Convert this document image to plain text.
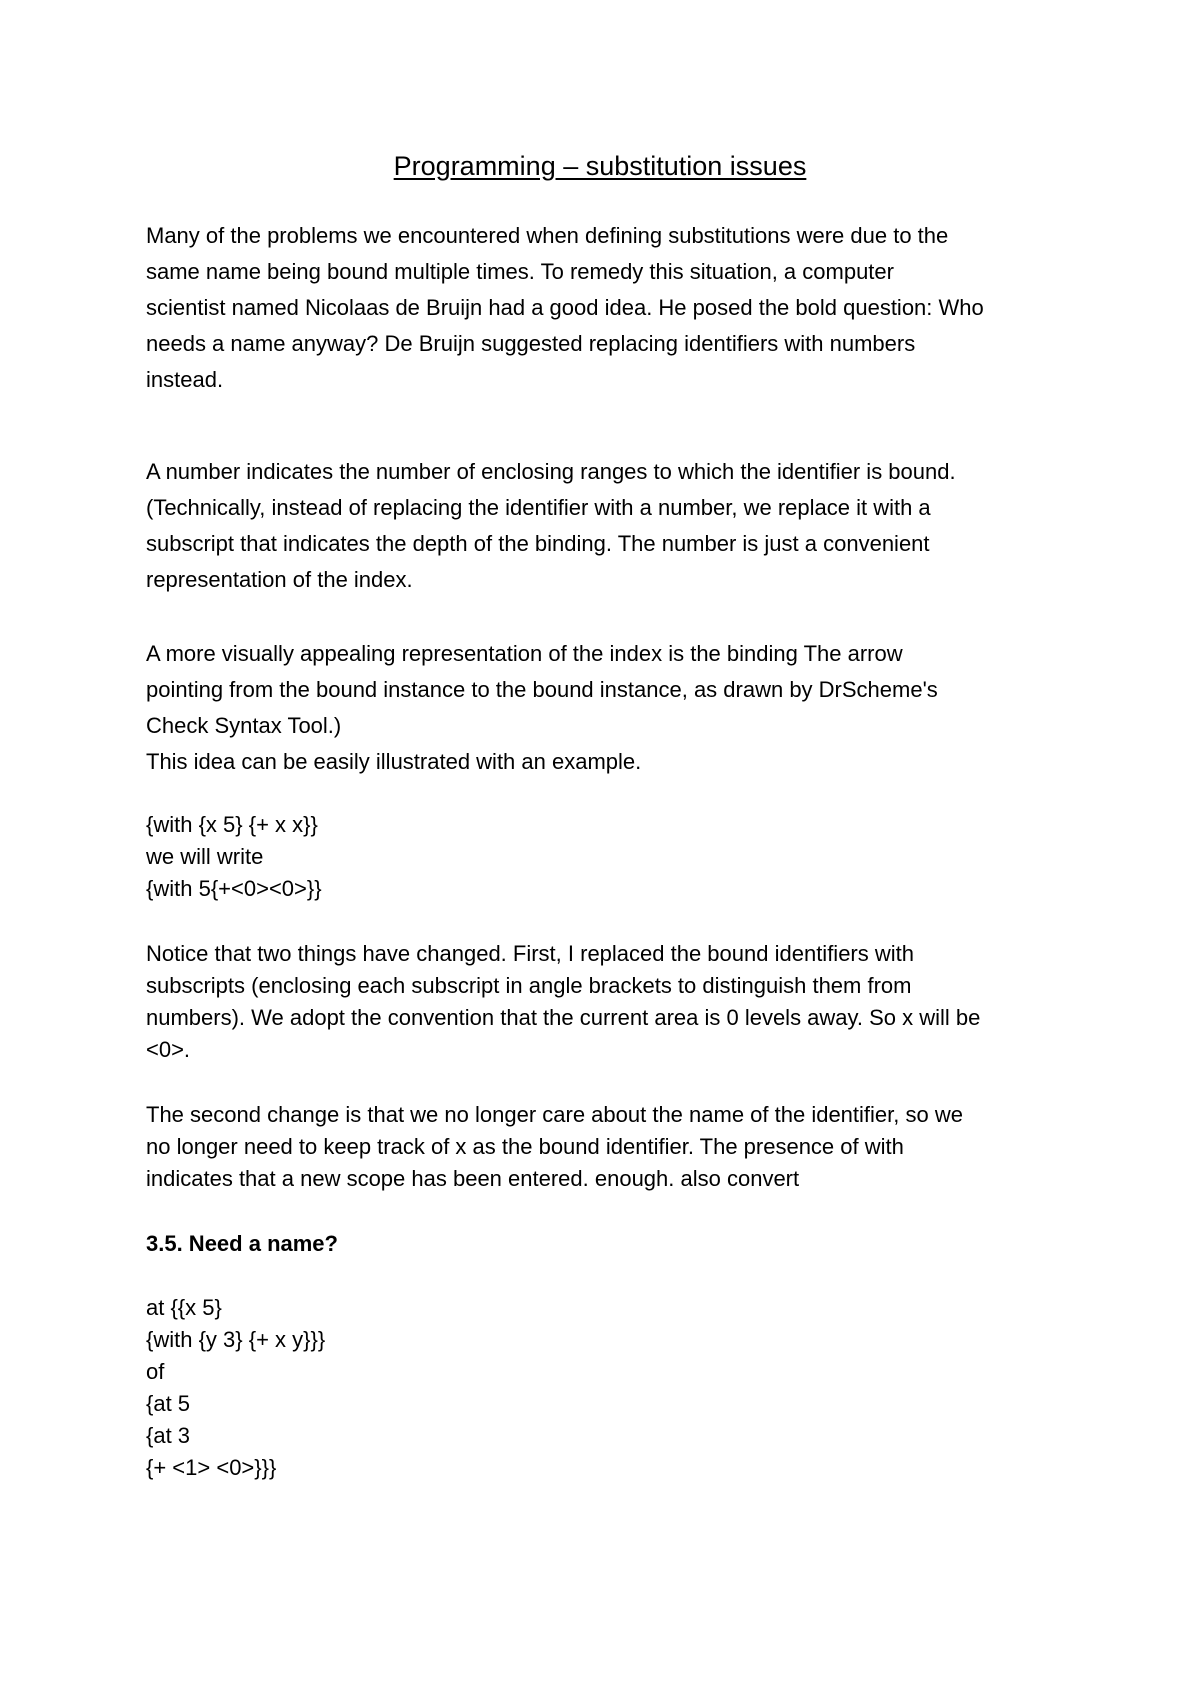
Programming – substitution issues
Many of the problems we encountered when defining substitutions were due to the
same name being bound multiple times. To remedy this situation, a computer
scientist named Nicolaas de Bruijn had a good idea. He posed the bold question: Who
needs a name anyway? De Bruijn suggested replacing identifiers with numbers
instead.
A number indicates the number of enclosing ranges to which the identifier is bound.
(Technically, instead of replacing the identifier with a number, we replace it with a
subscript that indicates the depth of the binding. The number is just a convenient
representation of the index.
A more visually appealing representation of the index is the binding The arrow
pointing from the bound instance to the bound instance, as drawn by DrScheme's
Check Syntax Tool.)
This idea can be easily illustrated with an example.
{with {x 5} {+ x x}}
we will write
{with 5{+<0><0>}}
Notice that two things have changed. First, I replaced the bound identifiers with
subscripts (enclosing each subscript in angle brackets to distinguish them from
numbers). We adopt the convention that the current area is 0 levels away. So x will be
<0>.
The second change is that we no longer care about the name of the identifier, so we
no longer need to keep track of x as the bound identifier. The presence of with
indicates that a new scope has been entered. enough. also convert
3.5. Need a name?
at {{x 5}
{with {y 3} {+ x y}}}
of
{at 5
{at 3
{+ <1> <0>}}}
